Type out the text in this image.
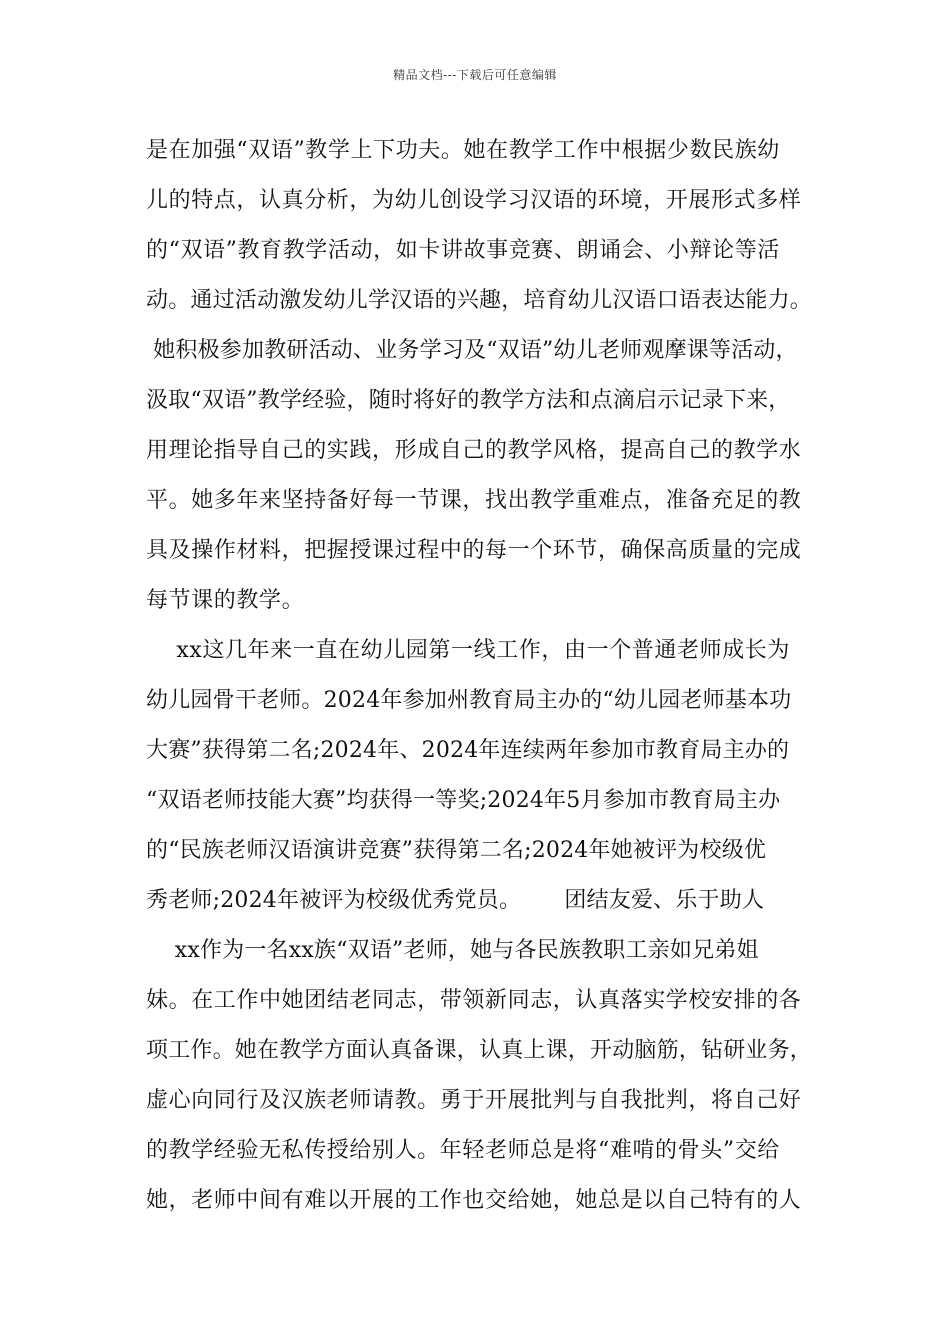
精品文档---下载后可任意编辑
是在加强“双语”教学上下功夫。她在教学工作中根据少数民族幼
儿的特点，认真分析，为幼儿创设学习汉语的环境，开展形式多样
的“双语”教育教学活动，如卡讲故事竞赛、朗诵会、小辩论等活
动。通过活动激发幼儿学汉语的兴趣，培育幼儿汉语口语表达能力。
她积极参加教研活动、业务学习及“双语”幼儿老师观摩课等活动，
汲取“双语”教学经验，随时将好的教学方法和点滴启示记录下来，
用理论指导自己的实践，形成自己的教学风格，提高自己的教学水
平。她多年来坚持备好每一节课，找出教学重难点，准备充足的教
具及操作材料，把握授课过程中的每一个环节，确保高质量的完成
每节课的教学。
xx这几年来一直在幼儿园第一线工作，由一个普通老师成长为
幼儿园骨干老师。2024年参加州教育局主办的“幼儿园老师基本功
大赛”获得第二名;2024年、2024年连续两年参加市教育局主办的
“双语老师技能大赛”均获得一等奖;2024年5月参加市教育局主办
的“民族老师汉语演讲竞赛”获得第二名;2024年她被评为校级优
秀老师;2024年被评为校级优秀党员。      团结友爱、乐于助人
xx作为一名xx族“双语”老师，她与各民族教职工亲如兄弟姐
妹。在工作中她团结老同志，带领新同志，认真落实学校安排的各
项工作。她在教学方面认真备课，认真上课，开动脑筋，钻研业务，
虚心向同行及汉族老师请教。勇于开展批判与自我批判，将自己好
的教学经验无私传授给别人。年轻老师总是将“难啃的骨头”交给
她，老师中间有难以开展的工作也交给她，她总是以自己特有的人
